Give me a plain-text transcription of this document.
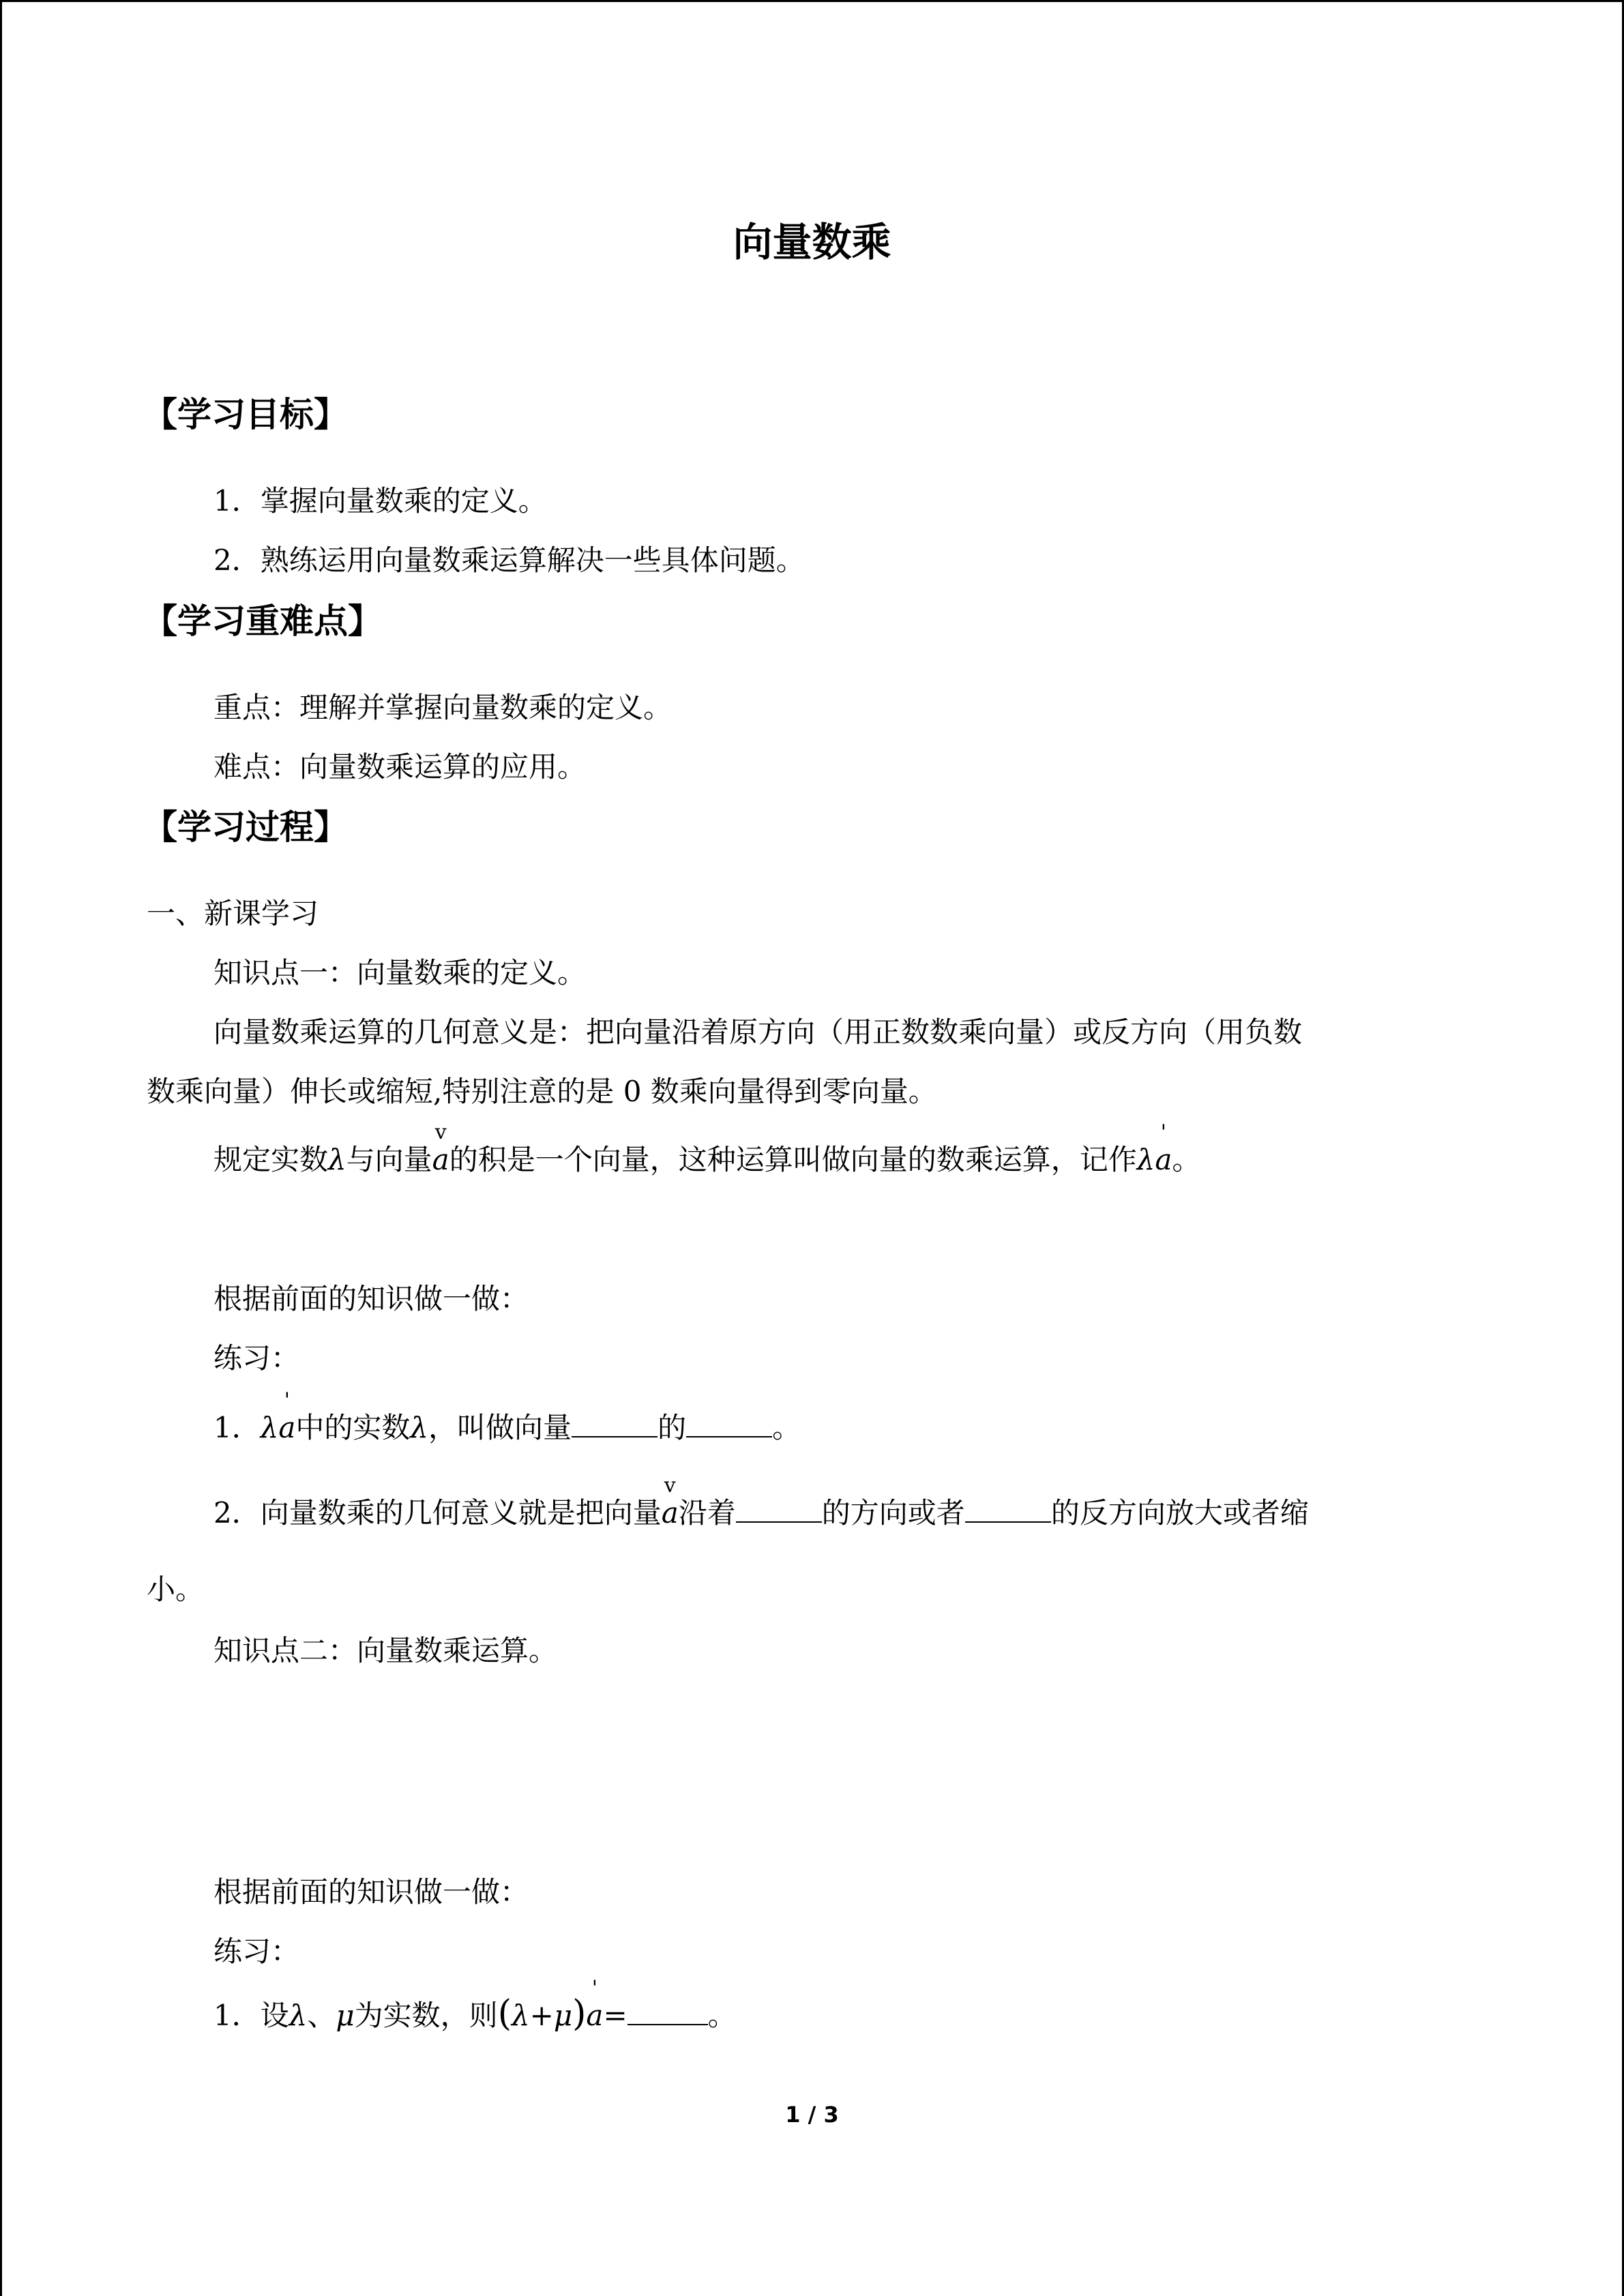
向量数乘
【学习目标】
1．掌握向量数乘的定义。
2．熟练运用向量数乘运算解决一些具体问题。
【学习重难点】
重点：理解并掌握向量数乘的定义。
难点：向量数乘运算的应用。
【学习过程】
一、新课学习
知识点一：向量数乘的定义。
向量数乘运算的几何意义是：把向量沿着原方向（用正数数乘向量）或反方向（用负数
数乘向量）伸长或缩短,特别注意的是 0 数乘向量得到零向量。
规定实数λ与向量
v
a的积是一个向量，这种运算叫做向量的数乘运算，记作λ
'
a。
根据前面的知识做一做：
练习：
1．λ
'
a中的实数λ，叫做向量	的	。
2．向量数乘的几何意义就是把向量
v
a沿着	的方向或者	的反方向放大或者缩
小。
知识点二：向量数乘运算。
根据前面的知识做一做：
练习：
1．设λ、μ为实数，则(λ+μ)
'
a=	。
1 / 3
